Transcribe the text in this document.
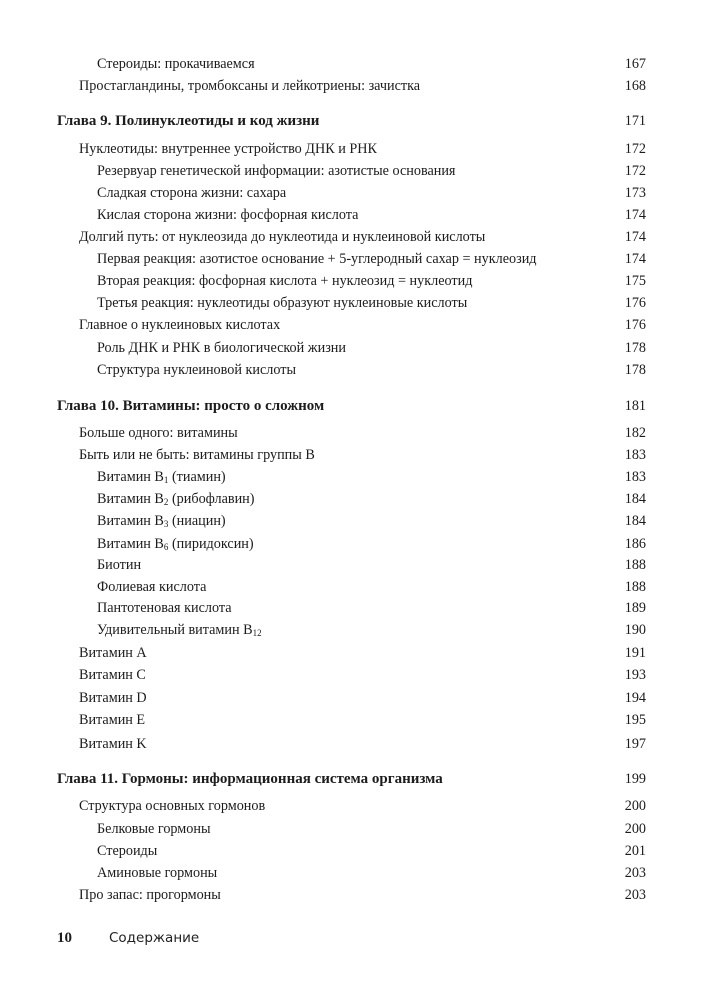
Стероиды: прокачиваемся	167
Простагландины, тромбоксаны и лейкотриены: зачистка	168
Глава 9. Полинуклеотиды и код жизни	171
Нуклеотиды: внутреннее устройство ДНК и РНК	172
Резервуар генетической информации: азотистые основания	172
Сладкая сторона жизни: сахара	173
Кислая сторона жизни: фосфорная кислота	174
Долгий путь: от нуклеозида до нуклеотида и нуклеиновой кислоты	174
Первая реакция: азотистое основание + 5-углеродный сахар = нуклеозид	174
Вторая реакция: фосфорная кислота + нуклеозид = нуклеотид	175
Третья реакция: нуклеотиды образуют нуклеиновые кислоты	176
Главное о нуклеиновых кислотах	176
Роль ДНК и РНК в биологической жизни	178
Структура нуклеиновой кислоты	178
Глава 10. Витамины: просто о сложном	181
Больше одного: витамины	182
Быть или не быть: витамины группы B	183
Витамин $B_1$ (тиамин)	183
Витамин $B_2$ (рибофлавин)	184
Витамин $B_3$ (ниацин)	184
Витамин $B_6$ (пиридоксин)	186
Биотин	188
Фолиевая кислота	188
Пантотеновая кислота	189
Удивительный витамин $B_{12}$	190
Витамин A	191
Витамин C	193
Витамин D	194
Витамин E	195
Витамин K	197
Глава 11. Гормоны: информационная система организма	199
Структура основных гормонов	200
Белковые гормоны	200
Стероиды	201
Аминовые гормоны	203
Про запас: прогормоны	203
10	Содержание
